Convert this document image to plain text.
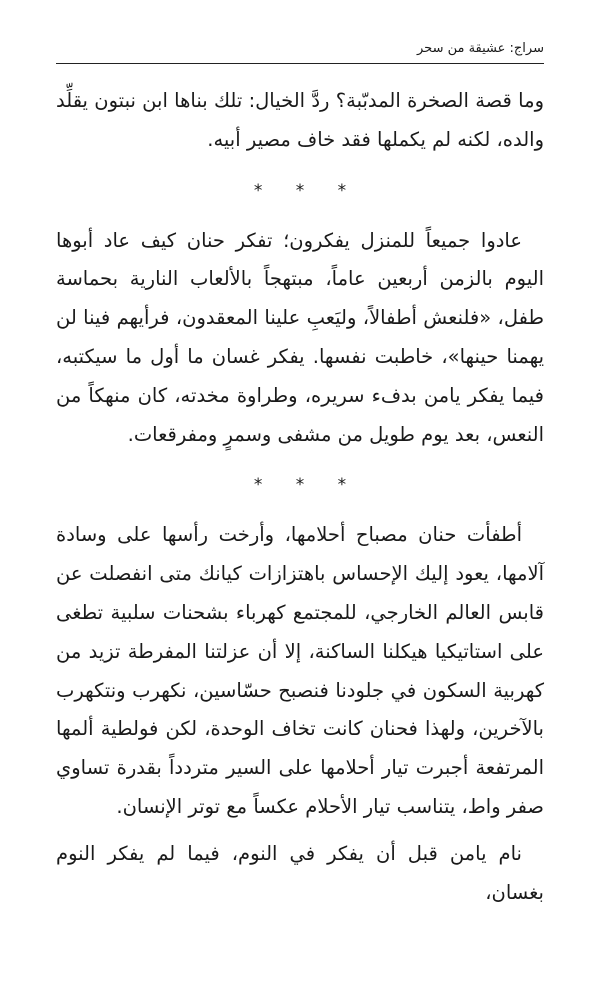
سراج: عشيقة من سحر

وما قصة الصخرة المدبّبة؟ ردَّ الخيال: تلك بناها ابن نبتون يقلِّد والده، لكنه لم يكملها فقد خاف مصير أبيه.

* * *

عادوا جميعاً للمنزل يفكرون؛ تفكر حنان كيف عاد أبوها اليوم بالزمن أربعين عاماً، مبتهجاً بالألعاب النارية بحماسة طفل، «فلنعش أطفالاً، وليَعبِ علينا المعقدون، فرأيهم فينا لن يهمنا حينها»، خاطبت نفسها. يفكر غسان ما أول ما سيكتبه، فيما يفكر يامن بدفء سريره، وطراوة مخدته، كان منهكاً من النعس، بعد يوم طويل من مشفى وسمرٍ ومفرقعات.

* * *

أطفأت حنان مصباح أحلامها، وأرخت رأسها على وسادة آلامها، يعود إليك الإحساس باهتزازات كيانك متى انفصلت عن قابس العالم الخارجي، للمجتمع كهرباء بشحنات سلبية تطغى على استاتيكيا هيكلنا الساكنة، إلا أن عزلتنا المفرطة تزيد من كهربية السكون في جلودنا فنصبح حسّاسين، نكهرب ونتكهرب بالآخرين، ولهذا فحنان كانت تخاف الوحدة، لكن فولطية ألمها المرتفعة أجبرت تيار أحلامها على السير متردداً بقدرة تساوي صفر واط، يتناسب تيار الأحلام عكساً مع توتر الإنسان.

نام يامن قبل أن يفكر في النوم، فيما لم يفكر النوم بغسان،
